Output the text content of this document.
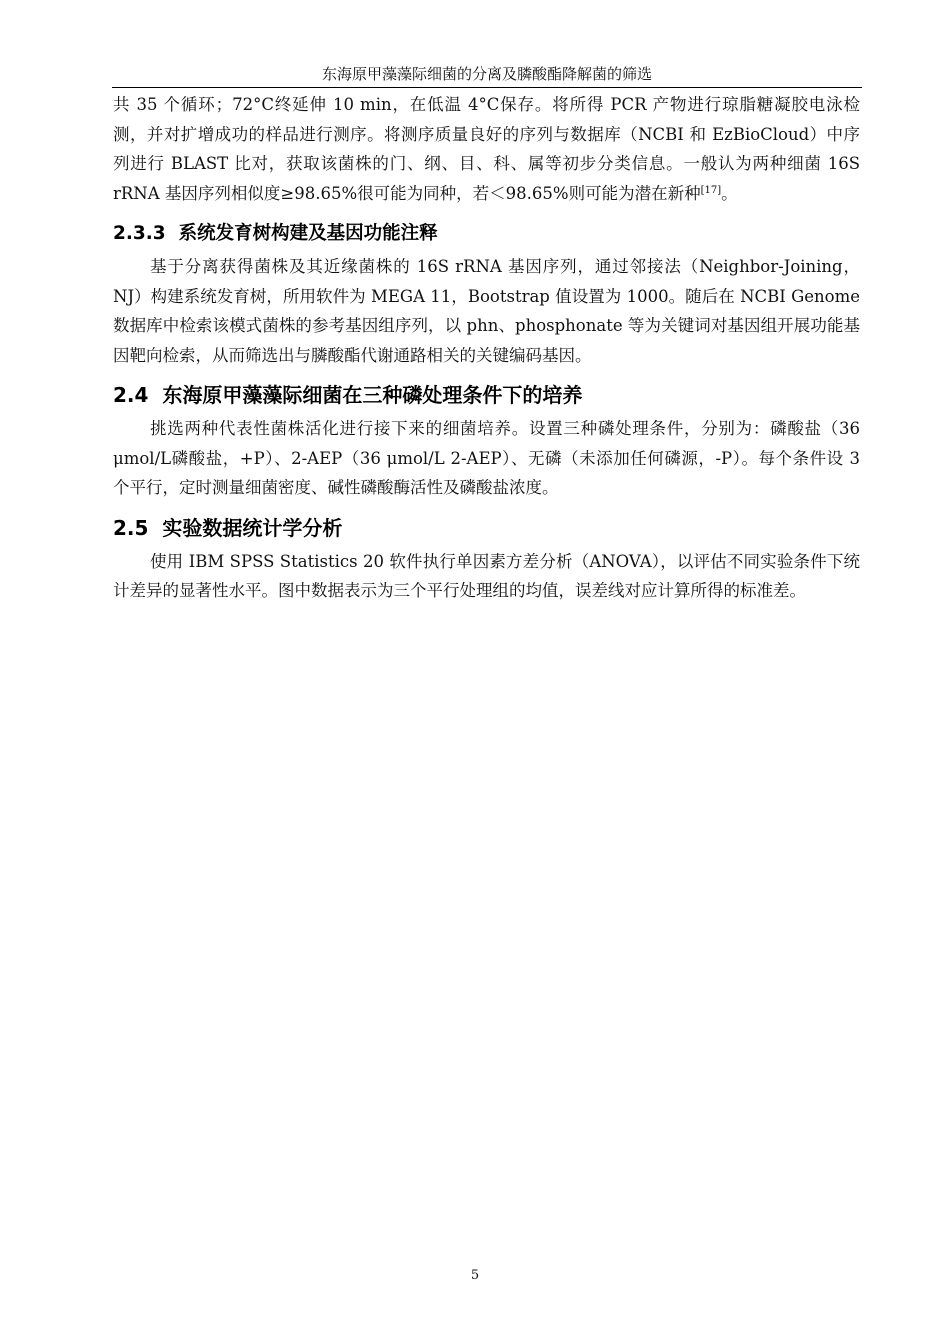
东海原甲藻藻际细菌的分离及膦酸酯降解菌的筛选

共 35 个循环；72°C终延伸 10 min，在低温 4°C保存。将所得 PCR 产物进行琼脂糖凝胶电泳检测，并对扩增成功的样品进行测序。将测序质量良好的序列与数据库（NCBI 和 EzBioCloud）中序列进行 BLAST 比对，获取该菌株的门、纲、目、科、属等初步分类信息。一般认为两种细菌 16S rRNA 基因序列相似度≥98.65%很可能为同种，若＜98.65%则可能为潜在新种[17]。

2.3.3 系统发育树构建及基因功能注释

基于分离获得菌株及其近缘菌株的 16S rRNA 基因序列，通过邻接法（Neighbor-Joining，NJ）构建系统发育树，所用软件为 MEGA 11，Bootstrap 值设置为 1000。随后在 NCBI Genome 数据库中检索该模式菌株的参考基因组序列，以 phn、phosphonate 等为关键词对基因组开展功能基因靶向检索，从而筛选出与膦酸酯代谢通路相关的关键编码基因。

2.4 东海原甲藻藻际细菌在三种磷处理条件下的培养

挑选两种代表性菌株活化进行接下来的细菌培养。设置三种磷处理条件，分别为：磷酸盐（36 μmol/L磷酸盐，+P）、2-AEP（36 μmol/L 2-AEP）、无磷（未添加任何磷源，-P）。每个条件设 3 个平行，定时测量细菌密度、碱性磷酸酶活性及磷酸盐浓度。

2.5 实验数据统计学分析

使用 IBM SPSS Statistics 20 软件执行单因素方差分析（ANOVA），以评估不同实验条件下统计差异的显著性水平。图中数据表示为三个平行处理组的均值，误差线对应计算所得的标准差。

5
